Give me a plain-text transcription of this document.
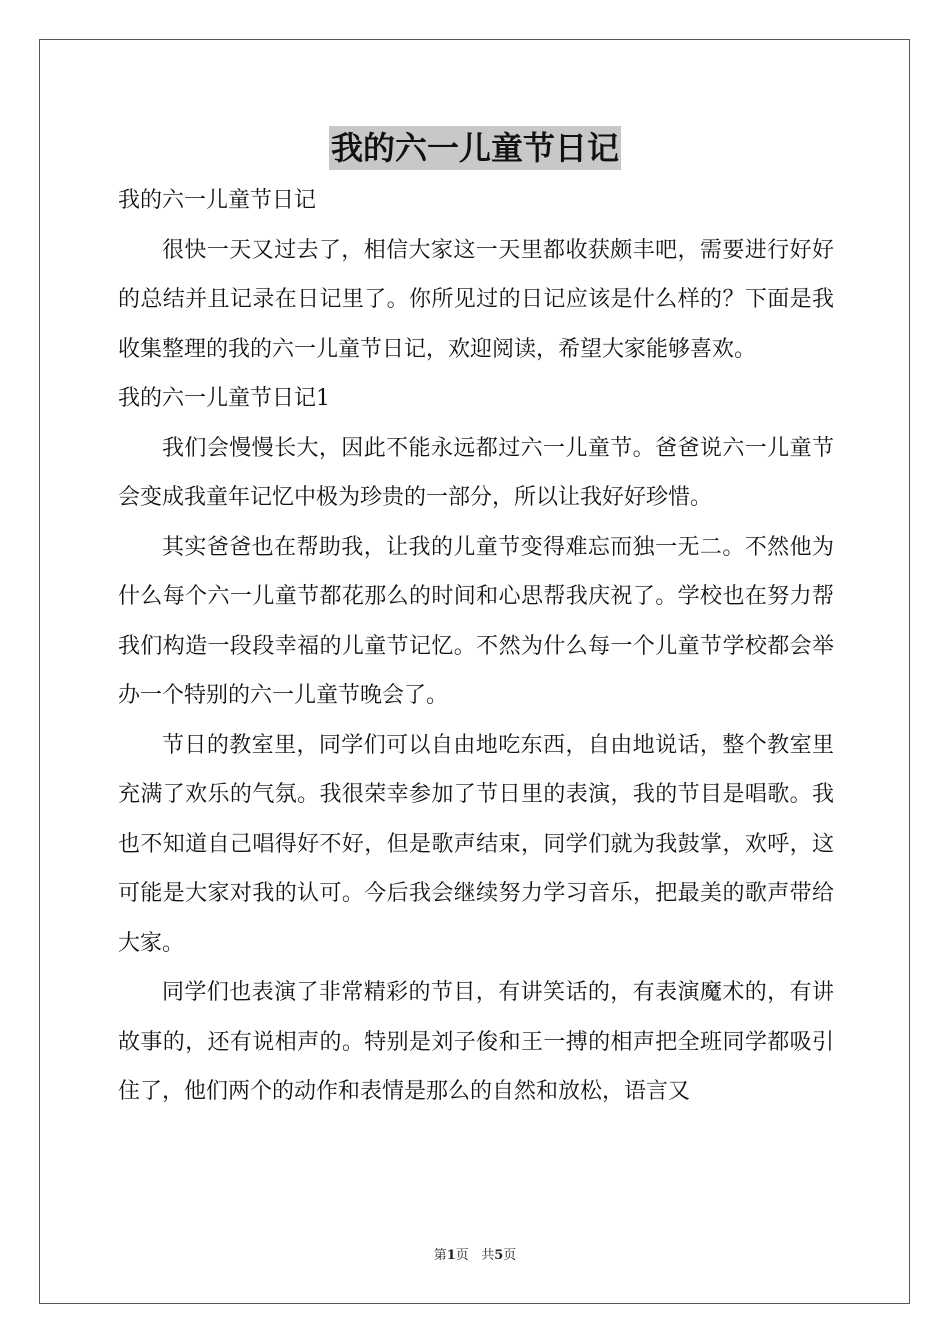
我的六一儿童节日记

我的六一儿童节日记

很快一天又过去了，相信大家这一天里都收获颇丰吧，需要进行好好的总结并且记录在日记里了。你所见过的日记应该是什么样的？下面是我收集整理的我的六一儿童节日记，欢迎阅读，希望大家能够喜欢。

我的六一儿童节日记1

我们会慢慢长大，因此不能永远都过六一儿童节。爸爸说六一儿童节会变成我童年记忆中极为珍贵的一部分，所以让我好好珍惜。

其实爸爸也在帮助我，让我的儿童节变得难忘而独一无二。不然他为什么每个六一儿童节都花那么的时间和心思帮我庆祝了。学校也在努力帮我们构造一段段幸福的儿童节记忆。不然为什么每一个儿童节学校都会举办一个特别的六一儿童节晚会了。

节日的教室里，同学们可以自由地吃东西，自由地说话，整个教室里充满了欢乐的气氛。我很荣幸参加了节日里的表演，我的节目是唱歌。我也不知道自己唱得好不好，但是歌声结束，同学们就为我鼓掌，欢呼，这可能是大家对我的认可。今后我会继续努力学习音乐，把最美的歌声带给大家。

同学们也表演了非常精彩的节目，有讲笑话的，有表演魔术的，有讲故事的，还有说相声的。特别是刘子俊和王一搏的相声把全班同学都吸引住了，他们两个的动作和表情是那么的自然和放松，语言又

第1页 共5页
